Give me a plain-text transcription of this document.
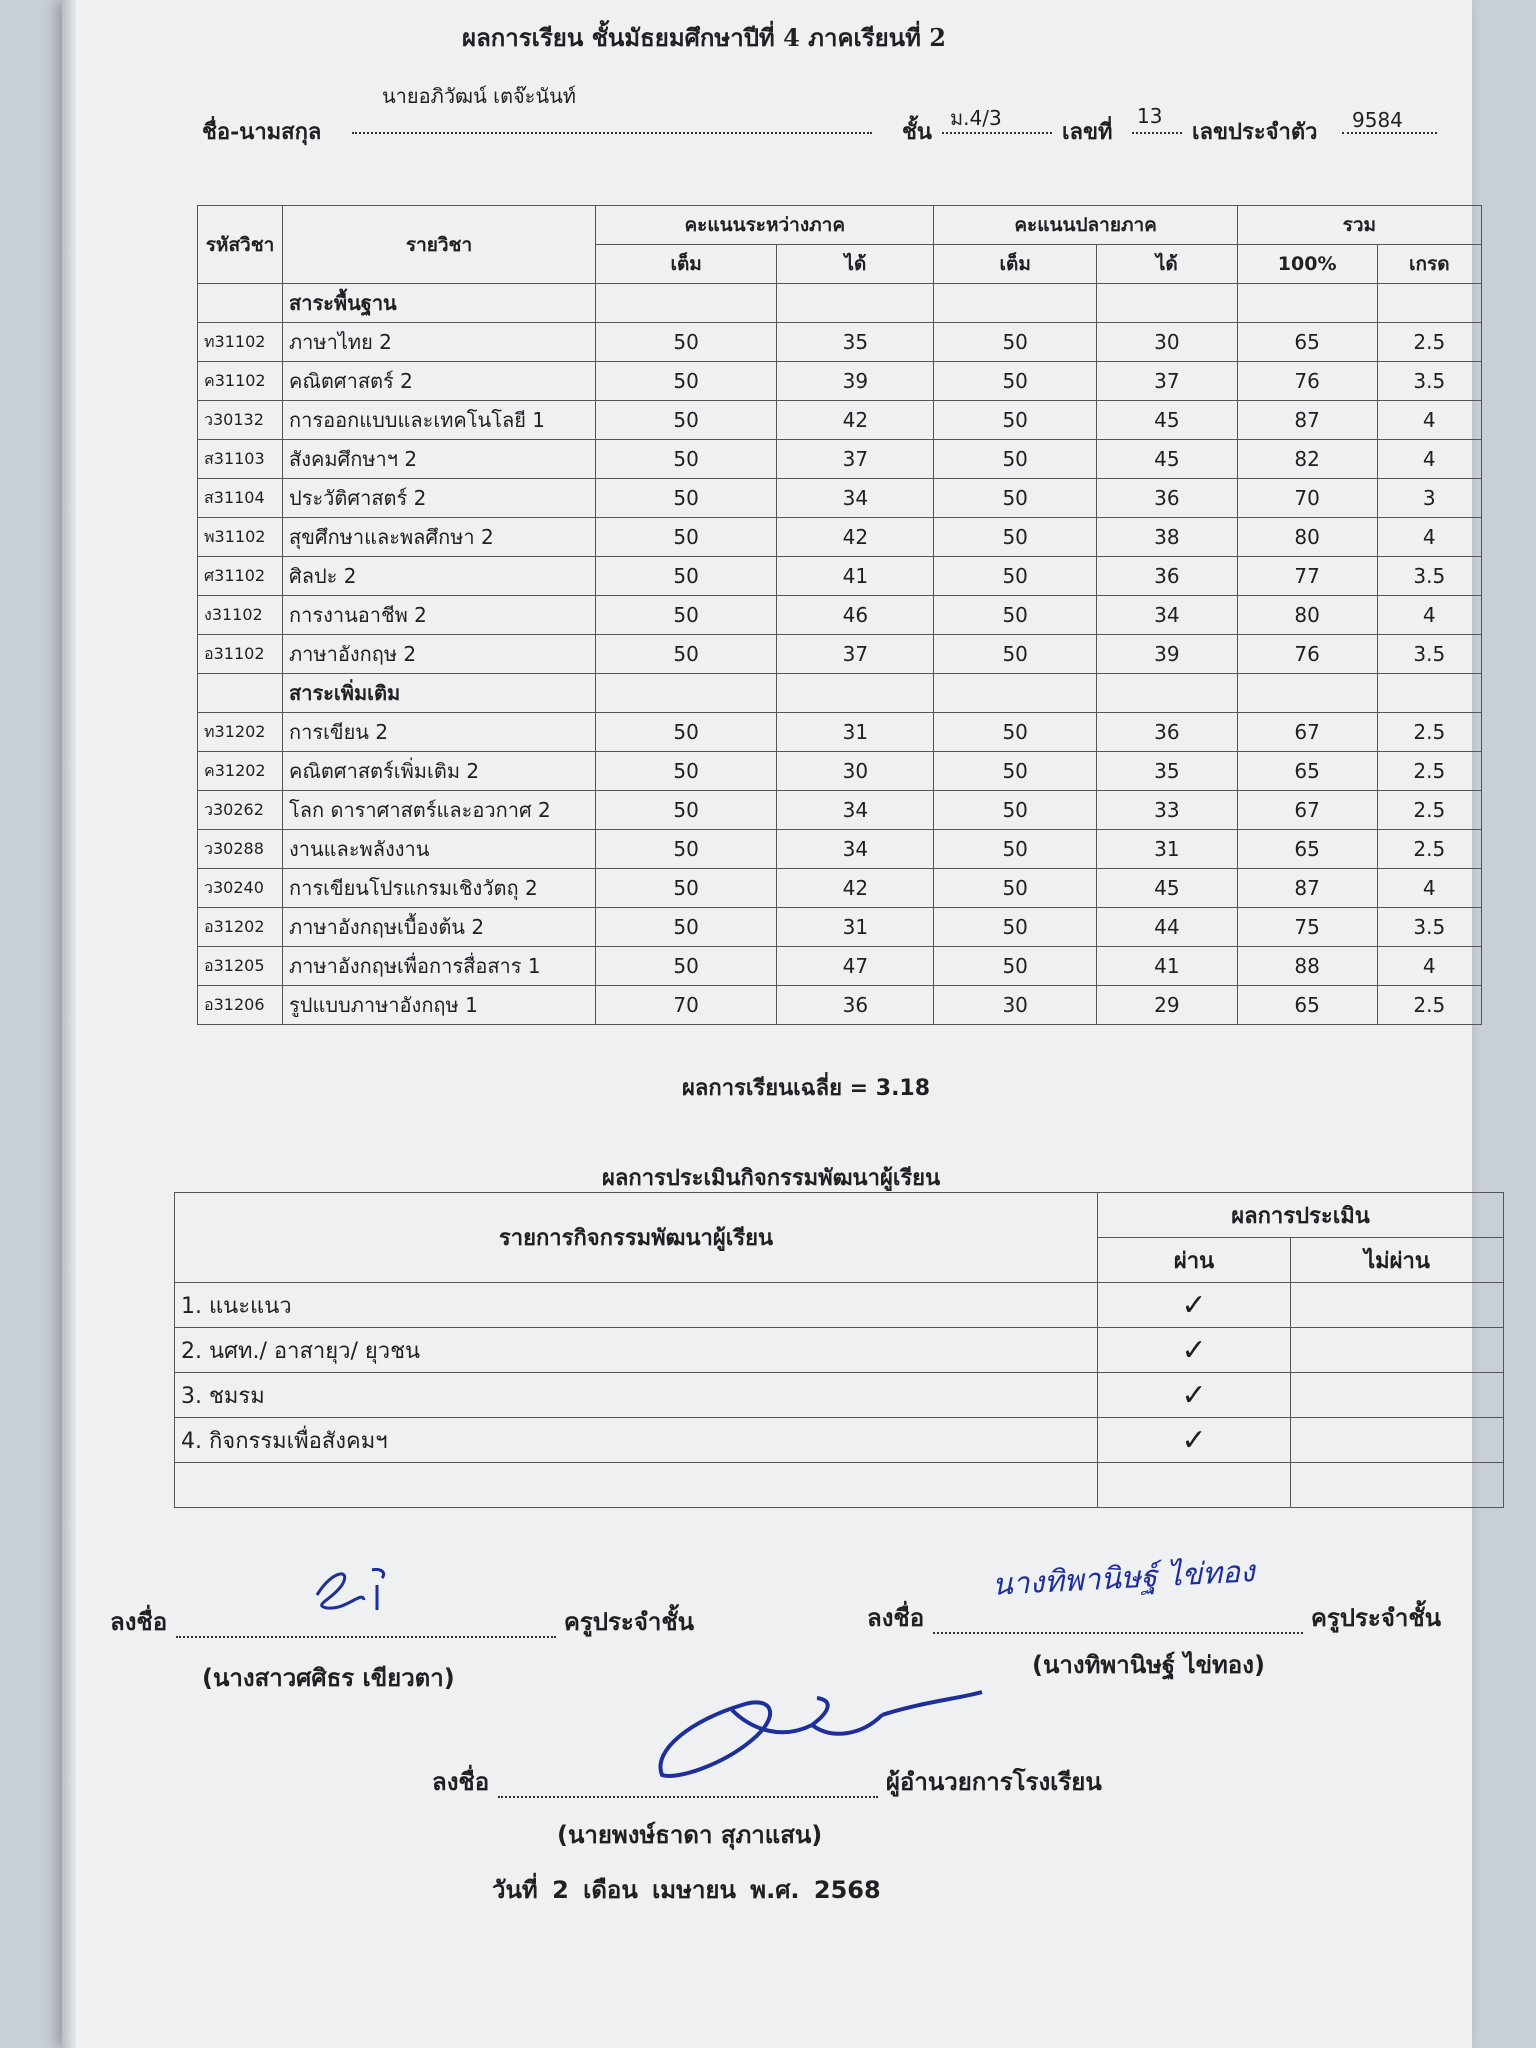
ผลการเรียน ชั้นมัธยมศึกษาปีที่ 4 ภาคเรียนที่ 2
ชื่อ-นามสกุล
นายอภิวัฒน์ เตจ๊ะนันท์
ชั้น
ม.4/3
เลขที่
13
เลขประจำตัว 9584
รหัสวิชา	รายวิชา	คะแนนระหว่างภาค		คะแนนปลายภาค		รวม	
		เต็ม	ได้	เต็ม	ได้	100%	เกรด
	สาระพื้นฐาน						
ท31102	ภาษาไทย 2	50	35	50	30	65	2.5
ค31102	คณิตศาสตร์ 2	50	39	50	37	76	3.5
ว30132	การออกแบบและเทคโนโลยี 1	50	42	50	45	87	4
ส31103	สังคมศึกษาฯ 2	50	37	50	45	82	4
ส31104	ประวัติศาสตร์ 2	50	34	50	36	70	3
พ31102	สุขศึกษาและพลศึกษา 2	50	42	50	38	80	4
ศ31102	ศิลปะ 2	50	41	50	36	77	3.5
ง31102	การงานอาชีพ 2	50	46	50	34	80	4
อ31102	ภาษาอังกฤษ 2	50	37	50	39	76	3.5
	สาระเพิ่มเติม						
ท31202	การเขียน 2	50	31	50	36	67	2.5
ค31202	คณิตศาสตร์เพิ่มเติม 2	50	30	50	35	65	2.5
ว30262	โลก ดาราศาสตร์และอวกาศ 2	50	34	50	33	67	2.5
ว30288	งานและพลังงาน	50	34	50	31	65	2.5
ว30240	การเขียนโปรแกรมเชิงวัตถุ 2	50	42	50	45	87	4
อ31202	ภาษาอังกฤษเบื้องต้น 2	50	31	50	44	75	3.5
อ31205	ภาษาอังกฤษเพื่อการสื่อสาร 1	50	47	50	41	88	4
อ31206	รูปแบบภาษาอังกฤษ 1	70	36	30	29	65	2.5
ผลการเรียนเฉลี่ย = 3.18
ผลการประเมินกิจกรรมพัฒนาผู้เรียน
รายการกิจกรรมพัฒนาผู้เรียน	ผลการประเมิน	
	ผ่าน	ไม่ผ่าน
1. แนะแนว	✓	
2. นศท./ อาสายุว/ ยุวชน	✓	
3. ชมรม	✓	
4. กิจกรรมเพื่อสังคมฯ	✓	

ลงชื่อ	ครูประจำชั้น
(นางสาวศศิธร เขียวตา)
ลงชื่อ	ครูประจำชั้น
นางทิพานิษฐ์ ไข่ทอง
(นางทิพานิษฐ์ ไข่ทอง)
ลงชื่อ	ผู้อำนวยการโรงเรียน
(นายพงษ์ธาดา สุภาแสน)
วันที่ 2 เดือน เมษายน พ.ศ. 2568
